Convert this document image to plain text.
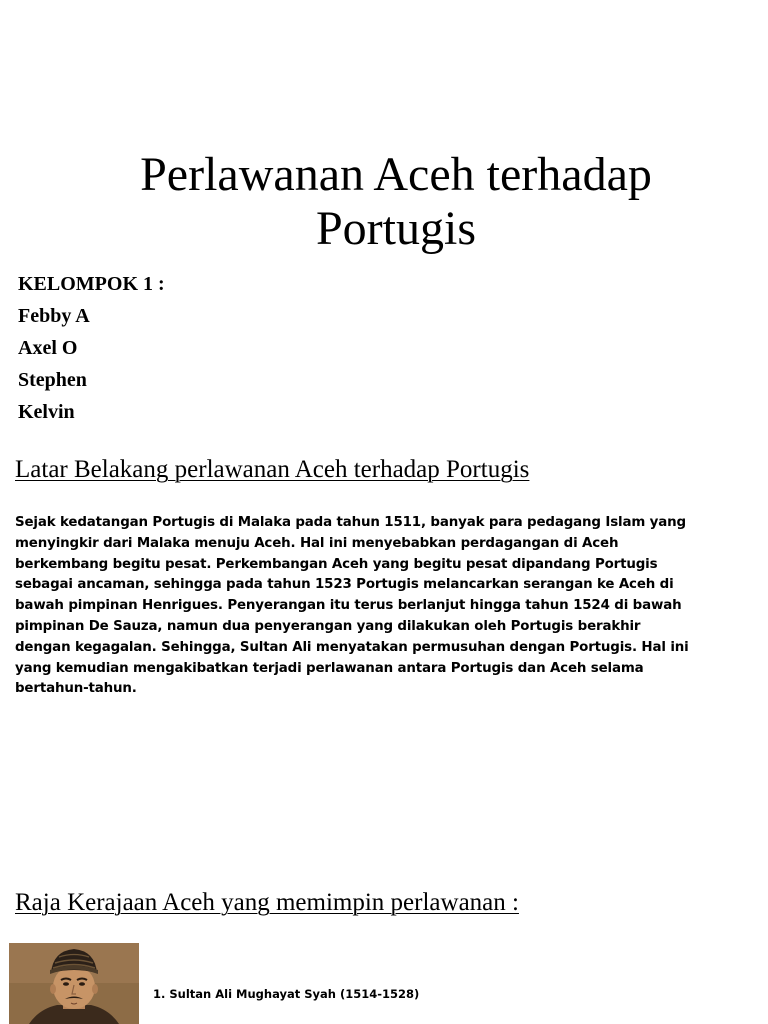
Perlawanan Aceh terhadap
Portugis
KELOMPOK 1 :
Febby A
Axel O
Stephen
Kelvin
Latar Belakang perlawanan Aceh terhadap Portugis

Sejak kedatangan Portugis di Malaka pada tahun 1511, banyak para pedagang Islam yang
menyingkir dari Malaka menuju Aceh. Hal ini menyebabkan perdagangan di Aceh
berkembang begitu pesat. Perkembangan Aceh yang begitu pesat dipandang Portugis
sebagai ancaman, sehingga pada tahun 1523 Portugis melancarkan serangan ke Aceh di
bawah pimpinan Henrigues. Penyerangan itu terus berlanjut hingga tahun 1524 di bawah
pimpinan De Sauza, namun dua penyerangan yang dilakukan oleh Portugis berakhir
dengan kegagalan. Sehingga, Sultan Ali menyatakan permusuhan dengan Portugis. Hal ini
yang kemudian mengakibatkan terjadi perlawanan antara Portugis dan Aceh selama
bertahun-tahun.

Raja Kerajaan Aceh yang memimpin perlawanan :
1. Sultan Ali Mughayat Syah (1514-1528)
